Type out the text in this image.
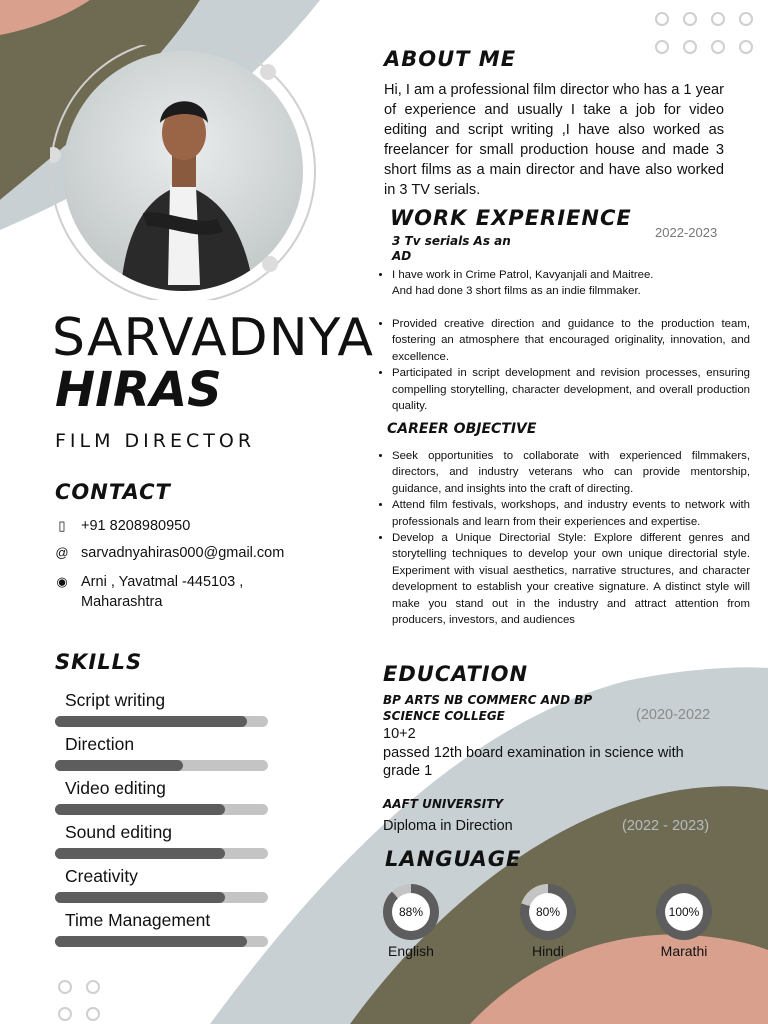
SARVADNYA
HIRAS
FILM DIRECTOR
CONTACT
▯ +91 8208980950
@ sarvadnyahiras000@gmail.com
◉ Arni , Yavatmal -445103 ,
Maharashtra
SKILLS
Script writing
Direction
Video editing
Sound editing
Creativity
Time Management
ABOUT ME
Hi, I am a professional film director who has a 1 year of experience and usually I take a job for video editing and script writing ,I have also worked as freelancer for small production house and made 3 short films as a main director and have also worked in 3 TV serials.
WORK EXPERIENCE
2022-2023
3 Tv serials As an
AD
• I have work in Crime Patrol, Kavyanjali and Maitree.
And had done 3 short films as an indie filmmaker.
• Provided creative direction and guidance to the production team, fostering an atmosphere that encouraged originality, innovation, and excellence.
• Participated in script development and revision processes, ensuring compelling storytelling, character development, and overall production quality.
CAREER OBJECTIVE
• Seek opportunities to collaborate with experienced filmmakers, directors, and industry veterans who can provide mentorship, guidance, and insights into the craft of directing.
• Attend film festivals, workshops, and industry events to network with professionals and learn from their experiences and expertise.
• Develop a Unique Directorial Style: Explore different genres and storytelling techniques to develop your own unique directorial style. Experiment with visual aesthetics, narrative structures, and character development to establish your creative signature. A distinct style will make you stand out in the industry and attract attention from producers, investors, and audiences
EDUCATION
BP ARTS NB COMMERC AND BP
SCIENCE COLLEGE	(2020-2022
10+2
passed 12th board examination in science with
grade 1
AAFT UNIVERSITY
Diploma in Direction	(2022 - 2023)
LANGUAGE
88%
English
80%
Hindi
100%
Marathi
